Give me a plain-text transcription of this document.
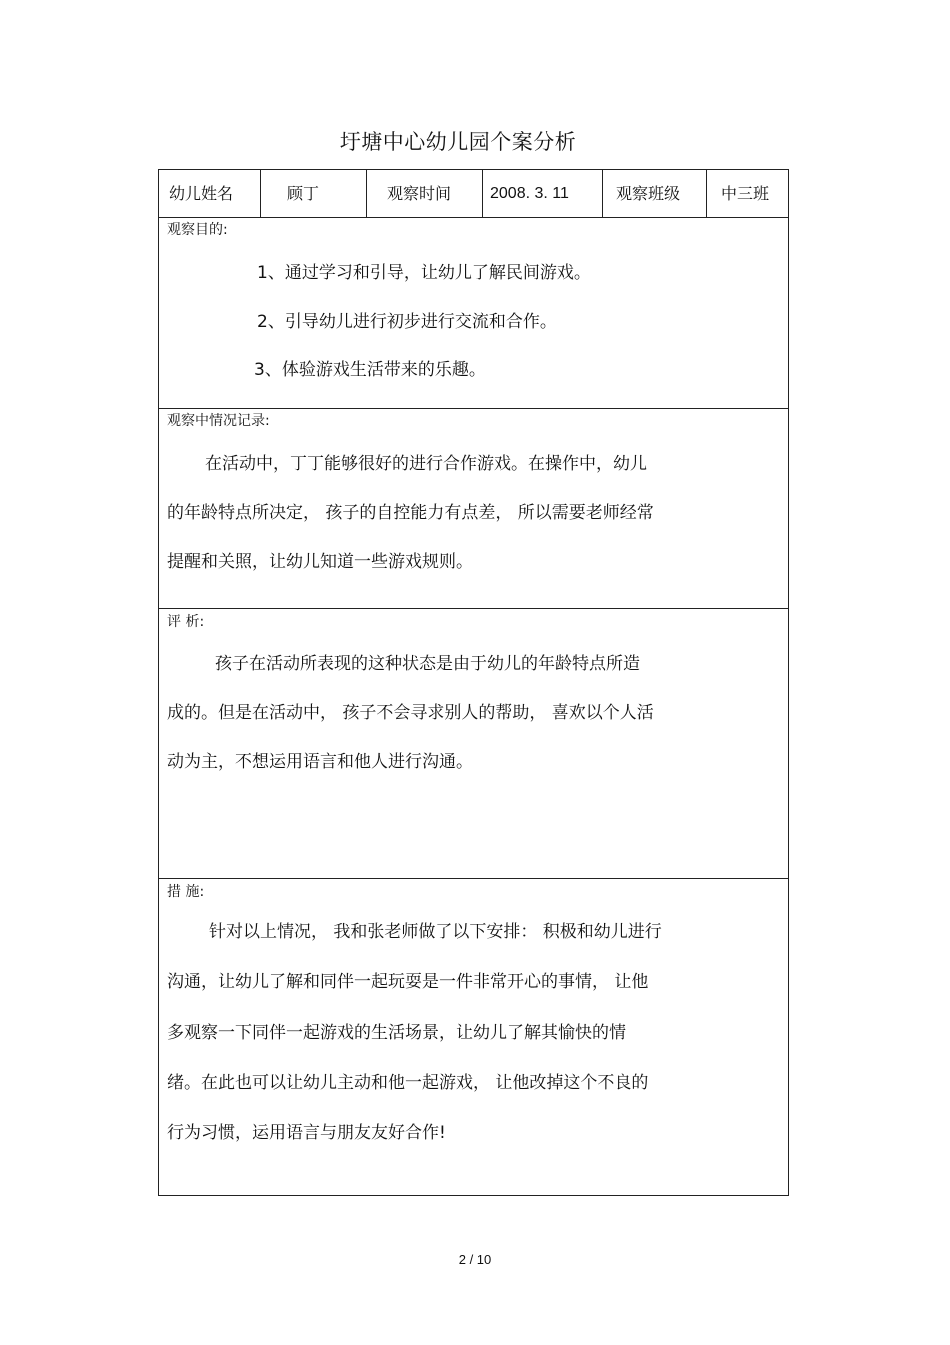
圩塘中心幼儿园个案分析
幼儿姓名	顾丁	观察时间 2008. 3. 11	观察班级	中三班
观察目的:
1、通过学习和引导，让幼儿了解民间游戏。
2、引导幼儿进行初步进行交流和合作。
3、体验游戏生活带来的乐趣。
观察中情况记录:
在活动中，丁丁能够很好的进行合作游戏。在操作中，幼儿
的年龄特点所决定， 孩子的自控能力有点差， 所以需要老师经常
提醒和关照，让幼儿知道一些游戏规则。
评 析:
孩子在活动所表现的这种状态是由于幼儿的年龄特点所造
成的。但是在活动中， 孩子不会寻求别人的帮助， 喜欢以个人活
动为主，不想运用语言和他人进行沟通。
措 施:
针对以上情况， 我和张老师做了以下安排： 积极和幼儿进行
沟通，让幼儿了解和同伴一起玩耍是一件非常开心的事情， 让他
多观察一下同伴一起游戏的生活场景，让幼儿了解其愉快的情
绪。在此也可以让幼儿主动和他一起游戏， 让他改掉这个不良的
行为习惯，运用语言与朋友友好合作!
2 / 10
